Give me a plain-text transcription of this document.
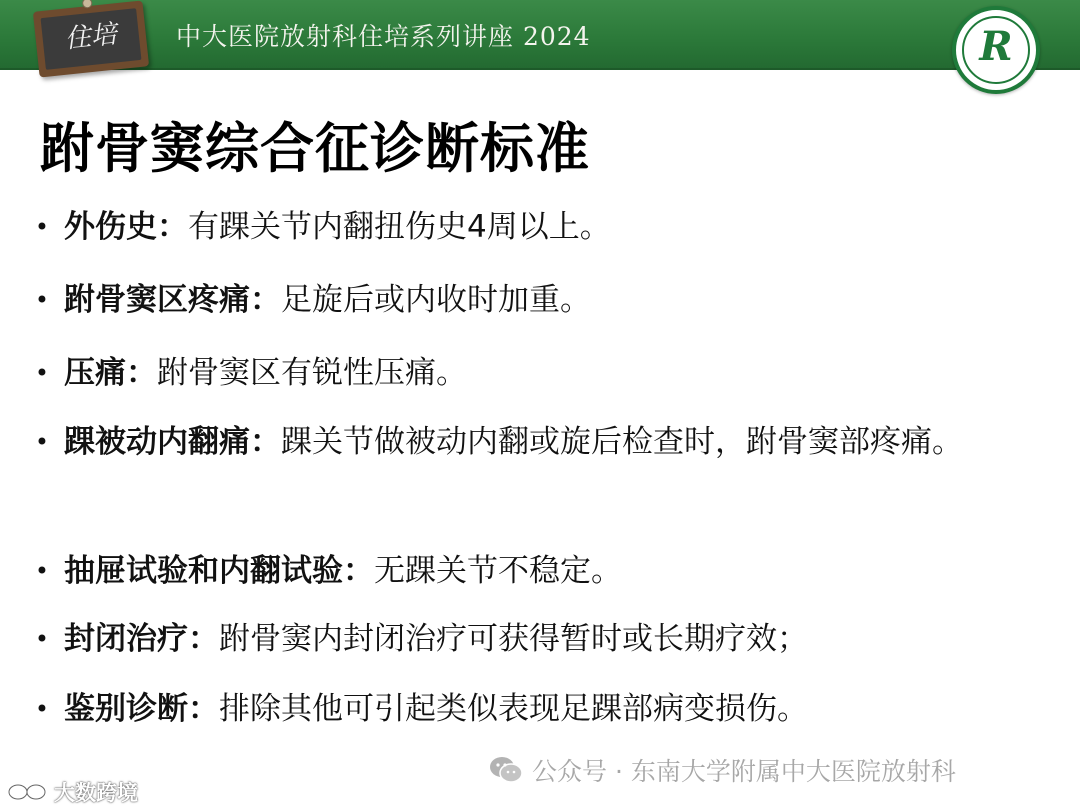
住培	中大医院放射科住培系列讲座 2024	R
跗骨窦综合征诊断标准
• 外伤史：有踝关节内翻扭伤史4周以上。
• 跗骨窦区疼痛：足旋后或内收时加重。
• 压痛：跗骨窦区有锐性压痛。
• 踝被动内翻痛：踝关节做被动内翻或旋后检查时，跗骨窦部疼痛。
• 抽屉试验和内翻试验：无踝关节不稳定。
• 封闭治疗：跗骨窦内封闭治疗可获得暂时或长期疗效；
• 鉴别诊断：排除其他可引起类似表现足踝部病变损伤。
公众号 · 东南大学附属中大医院放射科
大数跨境
